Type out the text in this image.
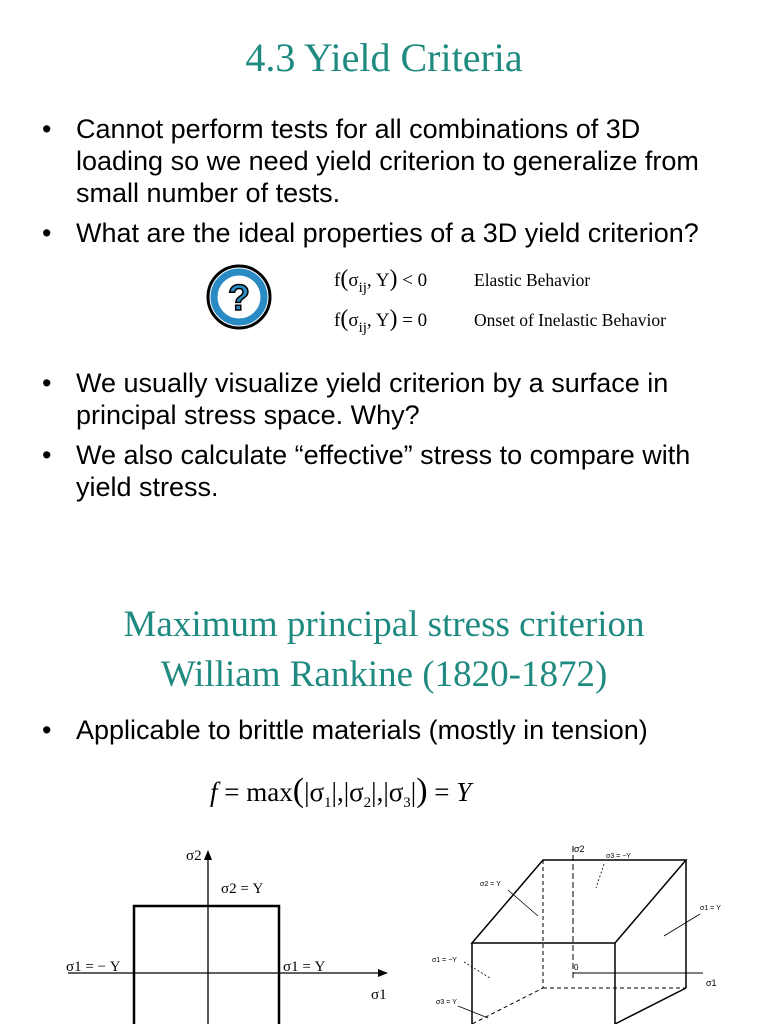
4.3 Yield Criteria
• Cannot perform tests for all combinations of 3D loading so we need yield criterion to generalize from small number of tests.
• What are the ideal properties of a 3D yield criterion?
?	$f(\sigma_{ij}$, Y) < 0	Elastic Behavior
$f(\sigma_{ij}$, Y) = 0	Onset of Inelastic Behavior
• We usually visualize yield criterion by a surface in principal stress space. Why?
• We also calculate “effective” stress to compare with yield stress.
Maximum principal stress criterion
William Rankine (1820-1872)
• Applicable to brittle materials (mostly in tension)
$f = \max(|\sigma_1|,|\sigma_2|,|\sigma_3|) = Y$
σ2
σ2 = Y
σ1 = − Y	σ1 = Y
σ1
σ2
σ1
0
σ3 = −Y
σ2 = Y
σ1 = Y
σ1 = −Y
σ3 = Y
